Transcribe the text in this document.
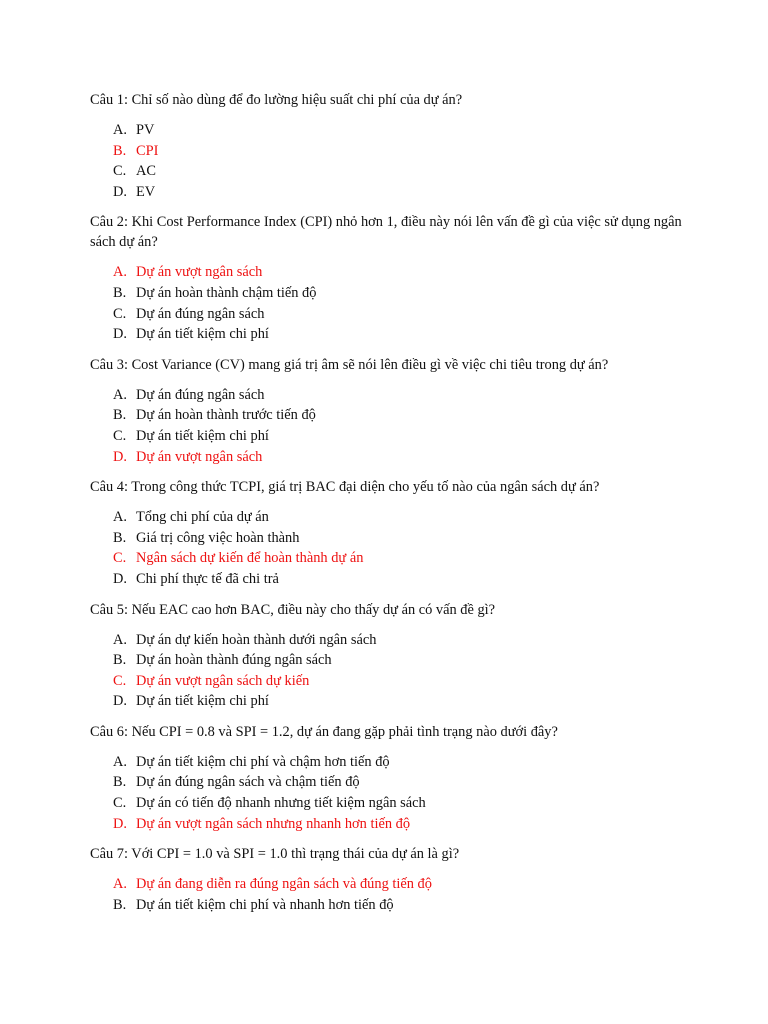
Câu 1: Chỉ số nào dùng để đo lường hiệu suất chi phí của dự án?
A. PV
B. CPI
C. AC
D. EV
Câu 2: Khi Cost Performance Index (CPI) nhỏ hơn 1, điều này nói lên vấn đề gì của việc sử dụng ngân sách dự án?
A. Dự án vượt ngân sách
B. Dự án hoàn thành chậm tiến độ
C. Dự án đúng ngân sách
D. Dự án tiết kiệm chi phí
Câu 3: Cost Variance (CV) mang giá trị âm sẽ nói lên điều gì về việc chi tiêu trong dự án?
A. Dự án đúng ngân sách
B. Dự án hoàn thành trước tiến độ
C. Dự án tiết kiệm chi phí
D. Dự án vượt ngân sách
Câu 4: Trong công thức TCPI, giá trị BAC đại diện cho yếu tố nào của ngân sách dự án?
A. Tổng chi phí của dự án
B. Giá trị công việc hoàn thành
C. Ngân sách dự kiến để hoàn thành dự án
D. Chi phí thực tế đã chi trả
Câu 5: Nếu EAC cao hơn BAC, điều này cho thấy dự án có vấn đề gì?
A. Dự án dự kiến hoàn thành dưới ngân sách
B. Dự án hoàn thành đúng ngân sách
C. Dự án vượt ngân sách dự kiến
D. Dự án tiết kiệm chi phí
Câu 6: Nếu CPI = 0.8 và SPI = 1.2, dự án đang gặp phải tình trạng nào dưới đây?
A. Dự án tiết kiệm chi phí và chậm hơn tiến độ
B. Dự án đúng ngân sách và chậm tiến độ
C. Dự án có tiến độ nhanh nhưng tiết kiệm ngân sách
D. Dự án vượt ngân sách nhưng nhanh hơn tiến độ
Câu 7: Với CPI = 1.0 và SPI = 1.0 thì trạng thái của dự án là gì?
A. Dự án đang diễn ra đúng ngân sách và đúng tiến độ
B. Dự án tiết kiệm chi phí và nhanh hơn tiến độ
